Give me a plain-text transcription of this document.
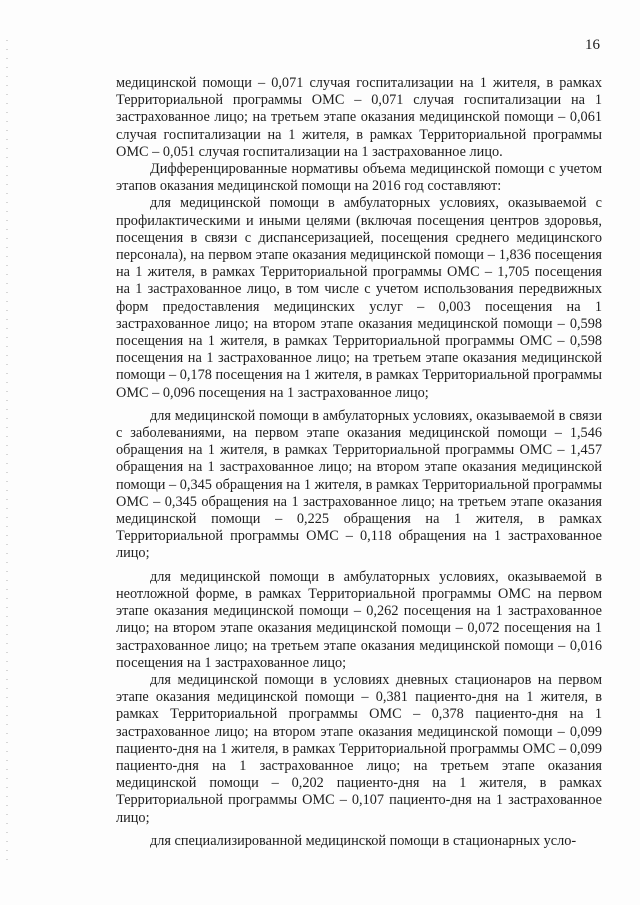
16

медицинской помощи – 0,071 случая госпитализации на 1 жителя, в рамках Территориальной программы ОМС – 0,071 случая госпитализации на 1 застрахованное лицо; на третьем этапе оказания медицинской помощи – 0,061 случая госпитализации на 1 жителя, в рамках Территориальной программы ОМС – 0,051 случая госпитализации на 1 застрахованное лицо.

Дифференцированные нормативы объема медицинской помощи с учетом этапов оказания медицинской помощи на 2016 год составляют:

для медицинской помощи в амбулаторных условиях, оказываемой с профилактическими и иными целями (включая посещения центров здоровья, посещения в связи с диспансеризацией, посещения среднего медицинского персонала), на первом этапе оказания медицинской помощи – 1,836 посещения на 1 жителя, в рамках Территориальной программы ОМС – 1,705 посещения на 1 застрахованное лицо, в том числе с учетом использования передвижных форм предоставления медицинских услуг – 0,003 посещения на 1 застрахованное лицо; на втором этапе оказания медицинской помощи – 0,598 посещения на 1 жителя, в рамках Территориальной программы ОМС – 0,598 посещения на 1 застрахованное лицо; на третьем этапе оказания медицинской помощи – 0,178 посещения на 1 жителя, в рамках Территориальной программы ОМС – 0,096 посещения на 1 застрахованное лицо;

для медицинской помощи в амбулаторных условиях, оказываемой в связи с заболеваниями, на первом этапе оказания медицинской помощи – 1,546 обращения на 1 жителя, в рамках Территориальной программы ОМС – 1,457 обращения на 1 застрахованное лицо; на втором этапе оказания медицинской помощи – 0,345 обращения на 1 жителя, в рамках Территориальной программы ОМС – 0,345 обращения на 1 застрахованное лицо; на третьем этапе оказания медицинской помощи – 0,225 обращения на 1 жителя, в рамках Территориальной программы ОМС – 0,118 обращения на 1 застрахованное лицо;

для медицинской помощи в амбулаторных условиях, оказываемой в неотложной форме, в рамках Территориальной программы ОМС на первом этапе оказания медицинской помощи – 0,262 посещения на 1 застрахованное лицо; на втором этапе оказания медицинской помощи – 0,072 посещения на 1 застрахованное лицо; на третьем этапе оказания медицинской помощи – 0,016 посещения на 1 застрахованное лицо;

для медицинской помощи в условиях дневных стационаров на первом этапе оказания медицинской помощи – 0,381 пациенто-дня на 1 жителя, в рамках Территориальной программы ОМС – 0,378 пациенто-дня на 1 застрахованное лицо; на втором этапе оказания медицинской помощи – 0,099 пациенто-дня на 1 жителя, в рамках Территориальной программы ОМС – 0,099 пациенто-дня на 1 застрахованное лицо; на третьем этапе оказания медицинской помощи – 0,202 пациенто-дня на 1 жителя, в рамках Территориальной программы ОМС – 0,107 пациенто-дня на 1 застрахованное лицо;

для специализированной медицинской помощи в стационарных усло-
